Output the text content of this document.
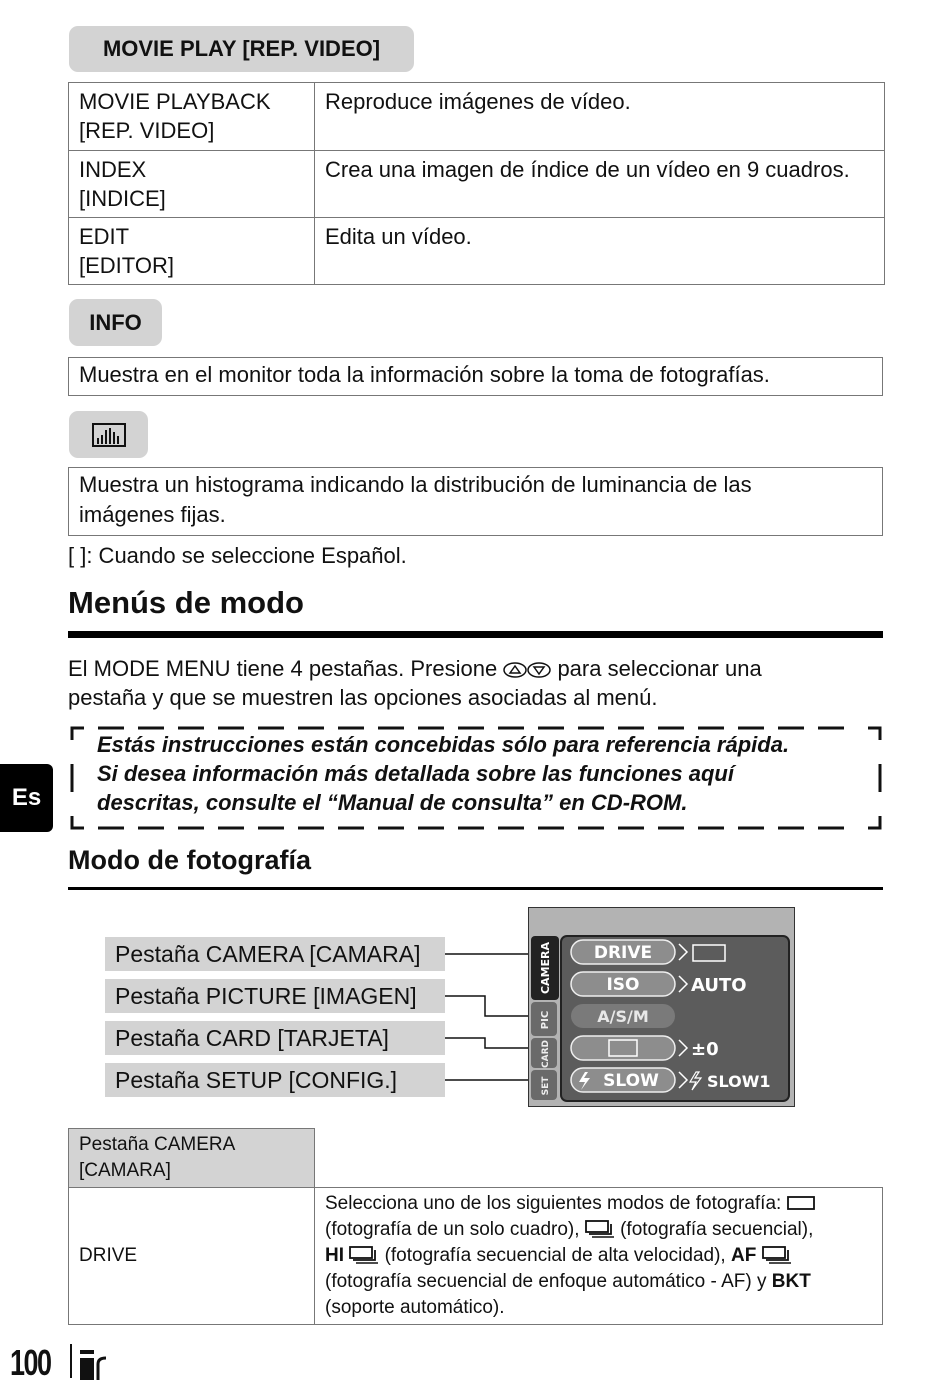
MOVIE PLAY [REP. VIDEO]
MOVIE PLAYBACK
[REP. VIDEO]	Reproduce imágenes de vídeo.

INDEX
[INDICE]	Crea una imagen de índice de un vídeo en 9 cuadros.

EDIT
[EDITOR]	Edita un vídeo.
INFO
Muestra en el monitor toda la información sobre la toma de fotografías.
Muestra un histograma indicando la distribución de luminancia de las
imágenes fijas.
[ ]: Cuando se seleccione Español.
Menús de modo
El MODE MENU tiene 4 pestañas. Presione	para seleccionar una
pestaña y que se muestren las opciones asociadas al menú.
Estás instrucciones están concebidas sólo para referencia rápida.
Si desea información más detallada sobre las funciones aquí
descritas, consulte el “Manual de consulta” en CD-ROM.
Es
Modo de fotografía
Pestaña CAMERA [CAMARA]
Pestaña PICTURE [IMAGEN]
Pestaña CARD [TARJETA]
Pestaña SETUP [CONFIG.]
CAMERA
PIC
CARD
SET
DRIVE
ISO	AUTO
A/S/M
±0
SLOW	SLOW1
Pestaña CAMERA
[CAMARA]	

DRIVE	Selecciona uno de los siguientes modos de fotografía:
(fotografía de un solo cuadro), (fotografía secuencial),
HI (fotografía secuencial de alta velocidad), AF
(fotografía secuencial de enfoque automático - AF) y BKT
(soporte automático).
100
